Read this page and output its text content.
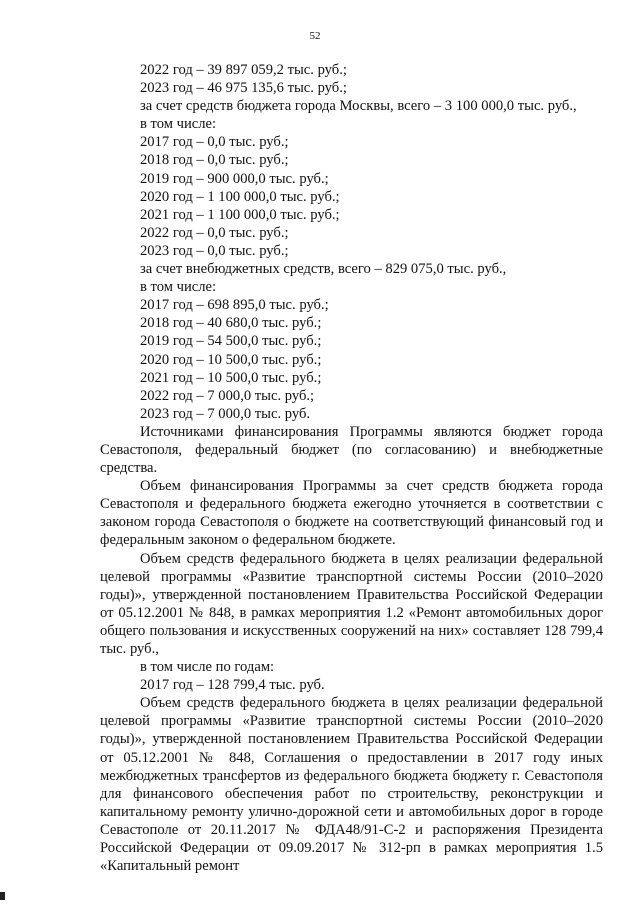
52
2022 год – 39 897 059,2 тыс. руб.;
2023 год – 46 975 135,6 тыс. руб.;
за счет средств бюджета города Москвы, всего – 3 100 000,0 тыс. руб.,
в том числе:
2017 год – 0,0 тыс. руб.;
2018 год – 0,0 тыс. руб.;
2019 год – 900 000,0 тыс. руб.;
2020 год – 1 100 000,0 тыс. руб.;
2021 год – 1 100 000,0 тыс. руб.;
2022 год – 0,0 тыс. руб.;
2023 год – 0,0 тыс. руб.;
за счет внебюджетных средств, всего – 829 075,0 тыс. руб.,
в том числе:
2017 год – 698 895,0 тыс. руб.;
2018 год – 40 680,0 тыс. руб.;
2019 год – 54 500,0 тыс. руб.;
2020 год – 10 500,0 тыс. руб.;
2021 год – 10 500,0 тыс. руб.;
2022 год – 7 000,0 тыс. руб.;
2023 год – 7 000,0 тыс. руб.

Источниками финансирования Программы являются бюджет города Севастополя, федеральный бюджет (по согласованию) и внебюджетные средства.

Объем финансирования Программы за счет средств бюджета города Севастополя и федерального бюджета ежегодно уточняется в соответствии с законом города Севастополя о бюджете на соответствующий финансовый год и федеральным законом о федеральном бюджете.

Объем средств федерального бюджета в целях реализации федеральной целевой программы «Развитие транспортной системы России (2010–2020 годы)», утвержденной постановлением Правительства Российской Федерации от 05.12.2001 № 848, в рамках мероприятия 1.2 «Ремонт автомобильных дорог общего пользования и искусственных сооружений на них» составляет 128 799,4 тыс. руб.,

в том числе по годам:
2017 год – 128 799,4 тыс. руб.

Объем средств федерального бюджета в целях реализации федеральной целевой программы «Развитие транспортной системы России (2010–2020 годы)», утвержденной постановлением Правительства Российской Федерации от 05.12.2001 № 848, Соглашения о предоставлении в 2017 году иных межбюджетных трансфертов из федерального бюджета бюджету г. Севастополя для финансового обеспечения работ по строительству, реконструкции и капитальному ремонту улично-дорожной сети и автомобильных дорог в городе Севастополе от 20.11.2017 № ФДА48/91-С-2 и распоряжения Президента Российской Федерации от 09.09.2017 № 312-рп в рамках мероприятия 1.5 «Капитальный ремонт
